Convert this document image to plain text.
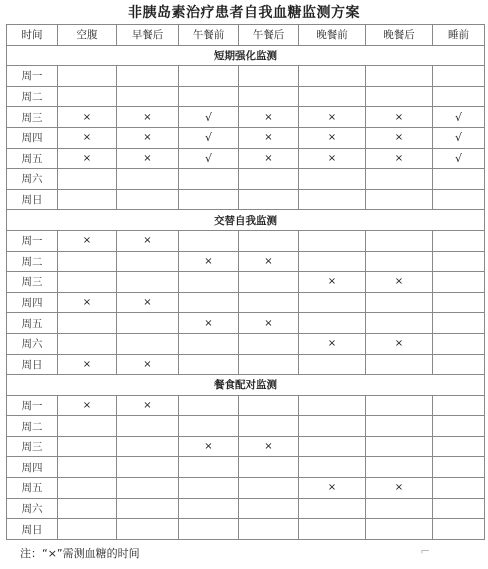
非胰岛素治疗患者自我血糖监测方案
时间	空腹	早餐后	午餐前	午餐后	晚餐前	晚餐后	睡前
短期强化监测							
周一							
周二							
周三	×	×	√	×	×	×	√
周四	×	×	√	×	×	×	√
周五	×	×	√	×	×	×	√
周六							
周日							
交替自我监测							
周一	×	×					
周二			×	×			
周三					×	×	
周四	×	×					
周五			×	×			
周六					×	×	
周日	×	×					
餐食配对监测							
周一	×	×					
周二							
周三			×	×			
周四							
周五					×	×	
周六							
周日							
注：“×”需测血糖的时间	⌐
